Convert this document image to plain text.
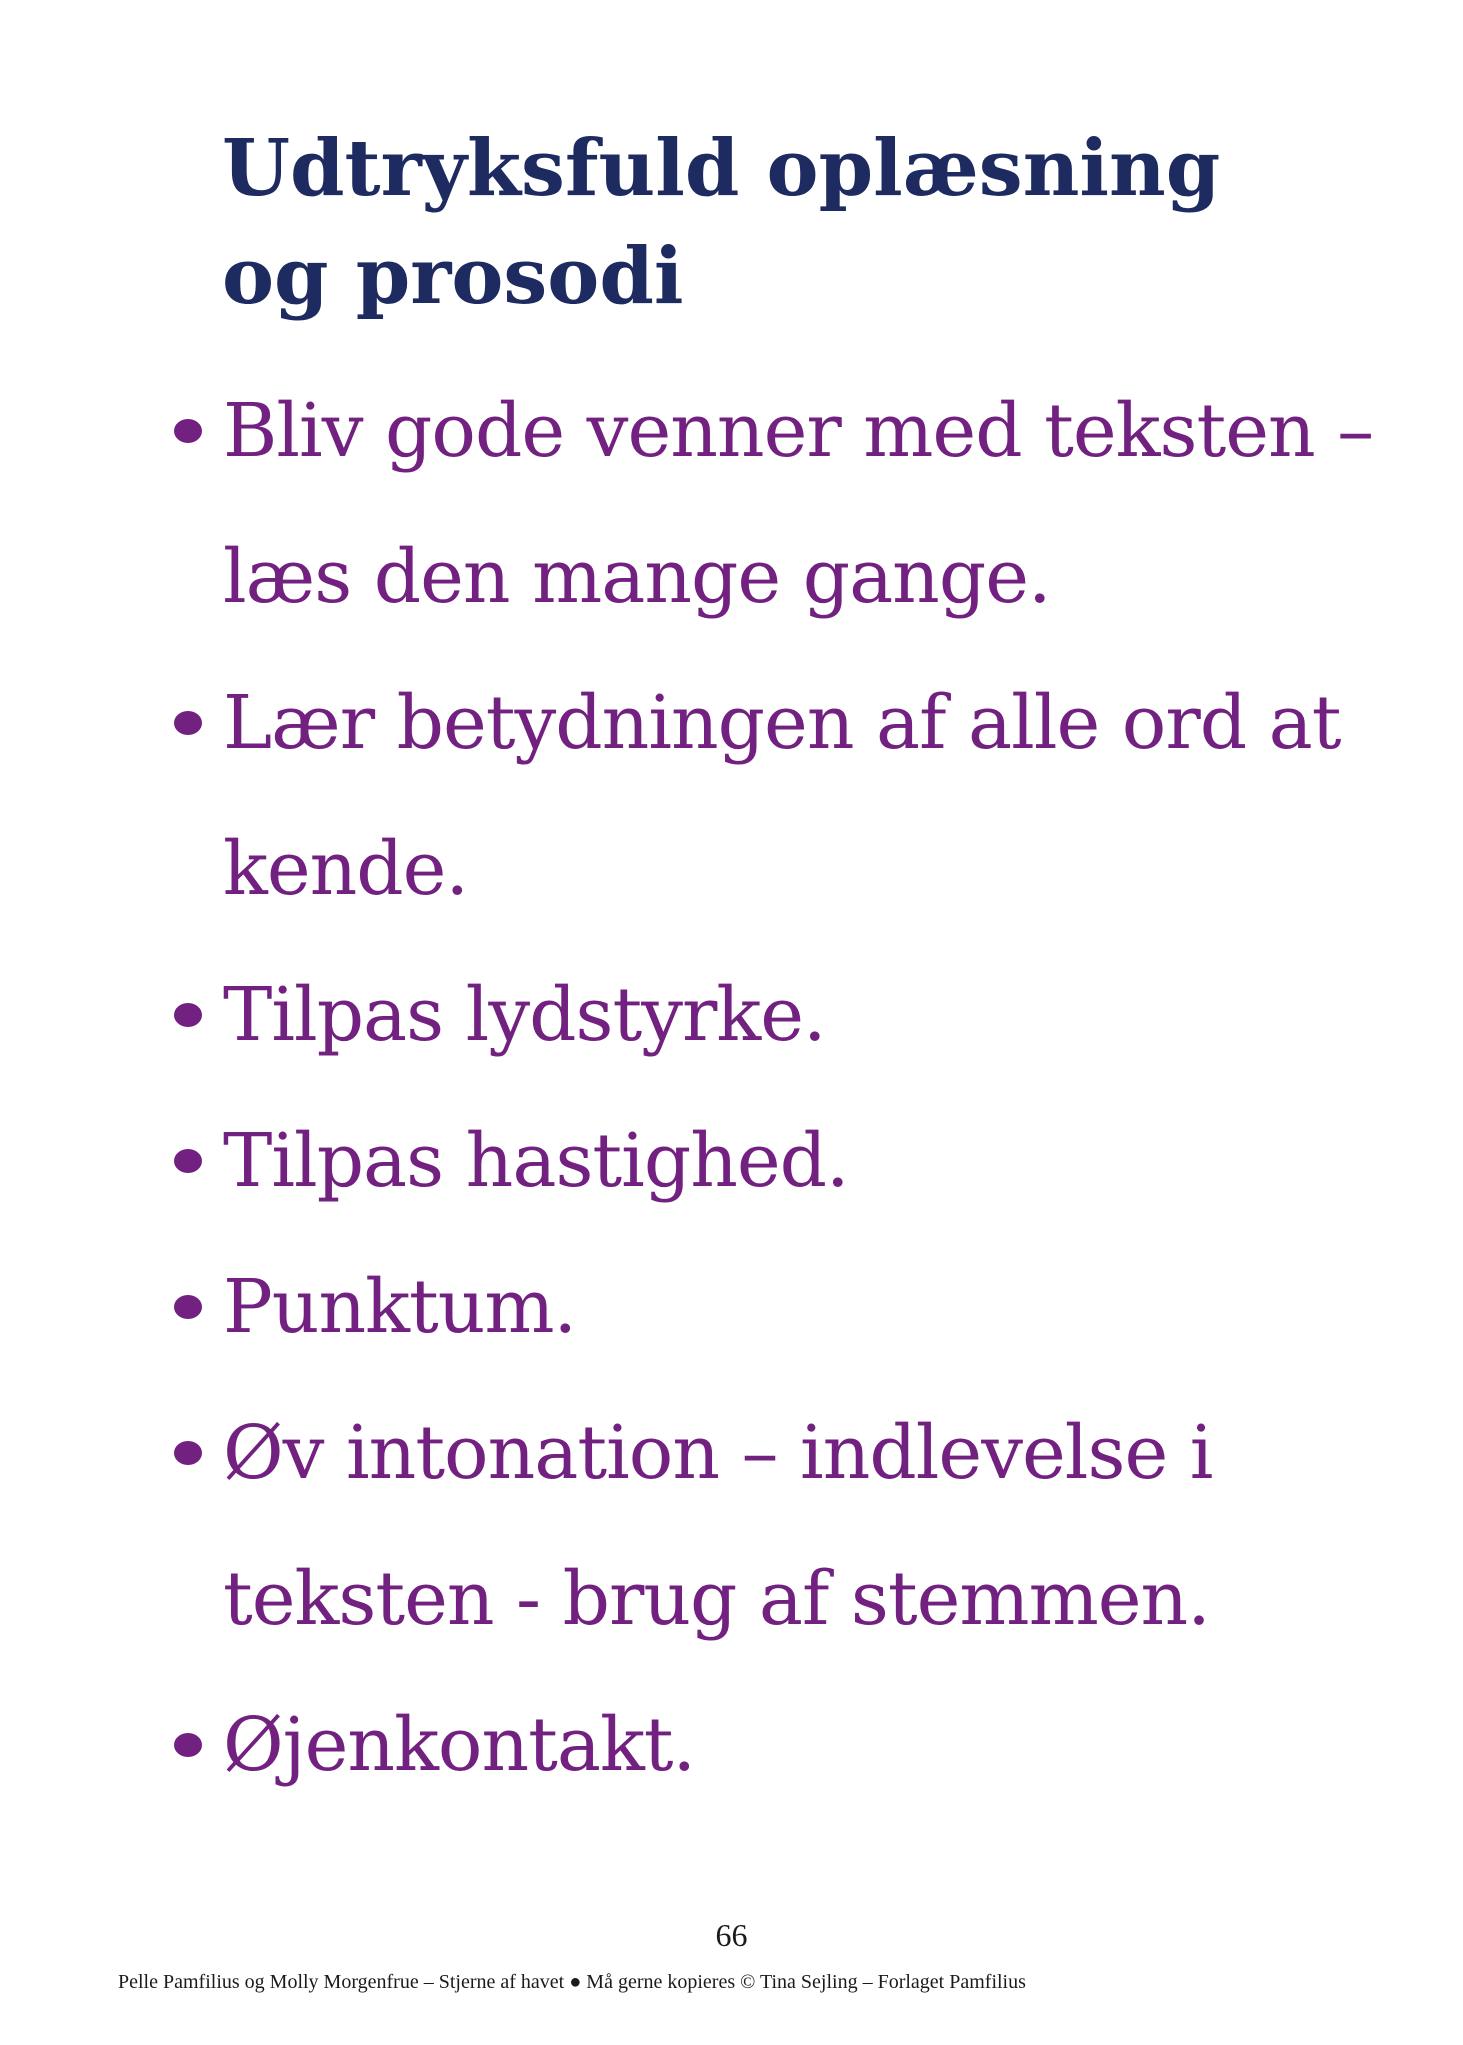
Udtryksfuld oplæsning
og prosodi
Bliv gode venner med teksten –
læs den mange gange.
Lær betydningen af alle ord at
kende.
Tilpas lydstyrke.
Tilpas hastighed.
Punktum.
Øv intonation – indlevelse i
teksten - brug af stemmen.
Øjenkontakt.
66
Pelle Pamfilius og Molly Morgenfrue – Stjerne af havet ● Må gerne kopieres © Tina Sejling – Forlaget Pamfilius
